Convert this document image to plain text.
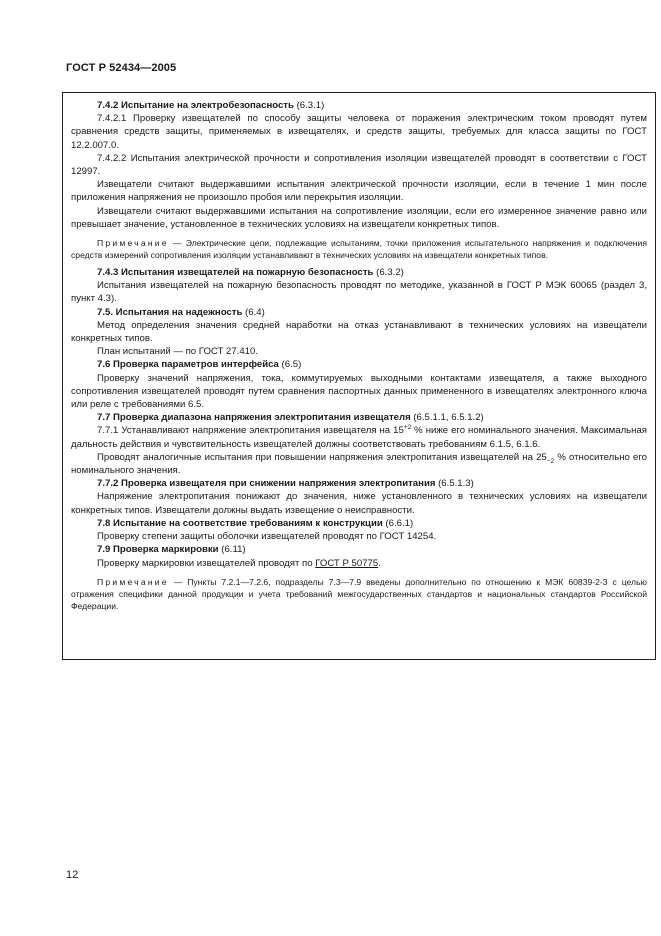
ГОСТ Р 52434—2005

7.4.2 Испытание на электробезопасность (6.3.1)

7.4.2.1 Проверку извещателей по способу защиты человека от поражения электрическим током проводят путем сравнения средств защиты, применяемых в извещателях, и средств защиты, требуемых для класса защиты по ГОСТ 12.2.007.0.

7.4.2.2 Испытания электрической прочности и сопротивления изоляции извещателей проводят в соответствии с ГОСТ 12997.

Извещатели считают выдержавшими испытания электрической прочности изоляции, если в течение 1 мин после приложения напряжения не произошло пробоя или перекрытия изоляции.

Извещатели считают выдержавшими испытания на сопротивление изоляции, если его измеренное значение равно или превышает значение, установленное в технических условиях на извещатели конкретных типов.

Примечание — Электрические цепи, подлежащие испытаниям, точки приложения испытательного напряжения и подключения средств измерений сопротивления изоляции устанавливают в технических условиях на извещатели конкретных типов.

7.4.3 Испытания извещателей на пожарную безопасность (6.3.2)

Испытания извещателей на пожарную безопасность проводят по методике, указанной в ГОСТ Р МЭК 60065 (раздел 3, пункт 4.3).

7.5. Испытания на надежность (6.4)

Метод определения значения средней наработки на отказ устанавливают в технических условиях на извещатели конкретных типов.

План испытаний — по ГОСТ 27.410.

7.6 Проверка параметров интерфейса (6.5)

Проверку значений напряжения, тока, коммутируемых выходными контактами извещателя, а также выходного сопротивления извещателей проводят путем сравнения паспортных данных примененного в извещателях электронного ключа или реле с требованиями 6.5.

7.7 Проверка диапазона напряжения электропитания извещателя (6.5.1.1, 6.5.1.2)

7.7.1 Устанавливают напряжение электропитания извещателя на $15^{+2}$ % ниже его номинального значения. Максимальная дальность действия и чувствительность извещателей должны соответствовать требованиям 6.1.5, 6.1.6.

Проводят аналогичные испытания при повышении напряжения электропитания извещателей на $25_{-2}$ % относительно его номинального значения.

7.7.2 Проверка извещателя при снижении напряжения электропитания (6.5.1.3)

Напряжение электропитания понижают до значения, ниже установленного в технических условиях на извещатели конкретных типов. Извещатели должны выдать извещение о неисправности.

7.8 Испытание на соответствие требованиям к конструкции (6.6.1)

Проверку степени защиты оболочки извещателей проводят по ГОСТ 14254.

7.9 Проверка маркировки (6.11)

Проверку маркировки извещателей проводят по ГОСТ Р 50775.

Примечание — Пункты 7.2.1—7.2.6, подразделы 7.3—7.9 введены дополнительно по отношению к МЭК 60839-2-3 с целью отражения специфики данной продукции и учета требований межгосударственных стандартов и национальных стандартов Российской Федерации.

12
